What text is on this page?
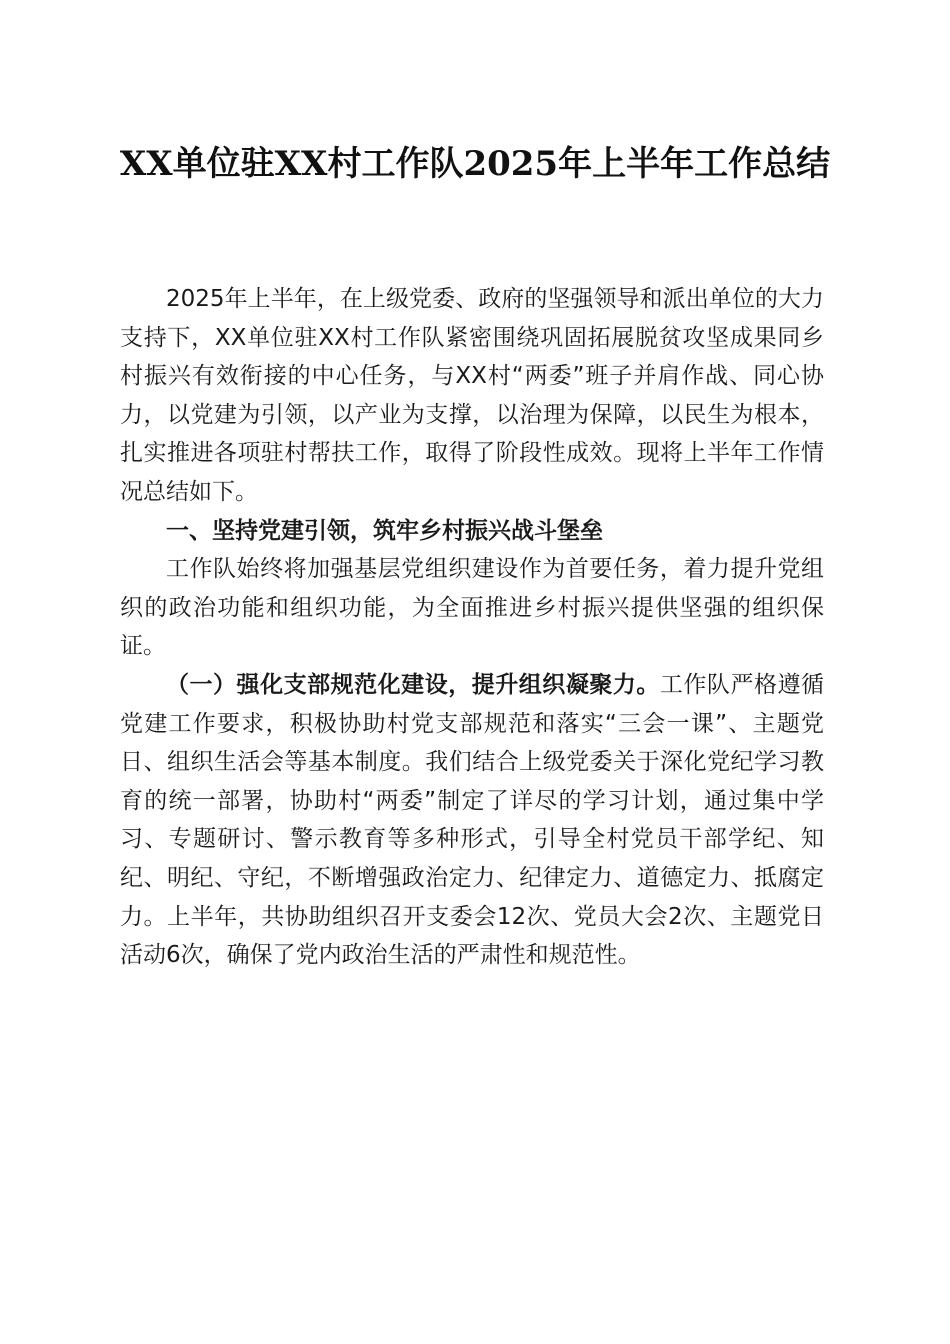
XX单位驻XX村工作队2025年上半年工作总结

2025年上半年，在上级党委、政府的坚强领导和派出单位的大力支持下，XX单位驻XX村工作队紧密围绕巩固拓展脱贫攻坚成果同乡村振兴有效衔接的中心任务，与XX村“两委”班子并肩作战、同心协力，以党建为引领，以产业为支撑，以治理为保障，以民生为根本，扎实推进各项驻村帮扶工作，取得了阶段性成效。现将上半年工作情况总结如下。

一、坚持党建引领，筑牢乡村振兴战斗堡垒

工作队始终将加强基层党组织建设作为首要任务，着力提升党组织的政治功能和组织功能，为全面推进乡村振兴提供坚强的组织保证。

（一）强化支部规范化建设，提升组织凝聚力。工作队严格遵循党建工作要求，积极协助村党支部规范和落实“三会一课”、主题党日、组织生活会等基本制度。我们结合上级党委关于深化党纪学习教育的统一部署，协助村“两委”制定了详尽的学习计划，通过集中学习、专题研讨、警示教育等多种形式，引导全村党员干部学纪、知纪、明纪、守纪，不断增强政治定力、纪律定力、道德定力、抵腐定力。上半年，共协助组织召开支委会12次、党员大会2次、主题党日活动6次，确保了党内政治生活的严肃性和规范性。
